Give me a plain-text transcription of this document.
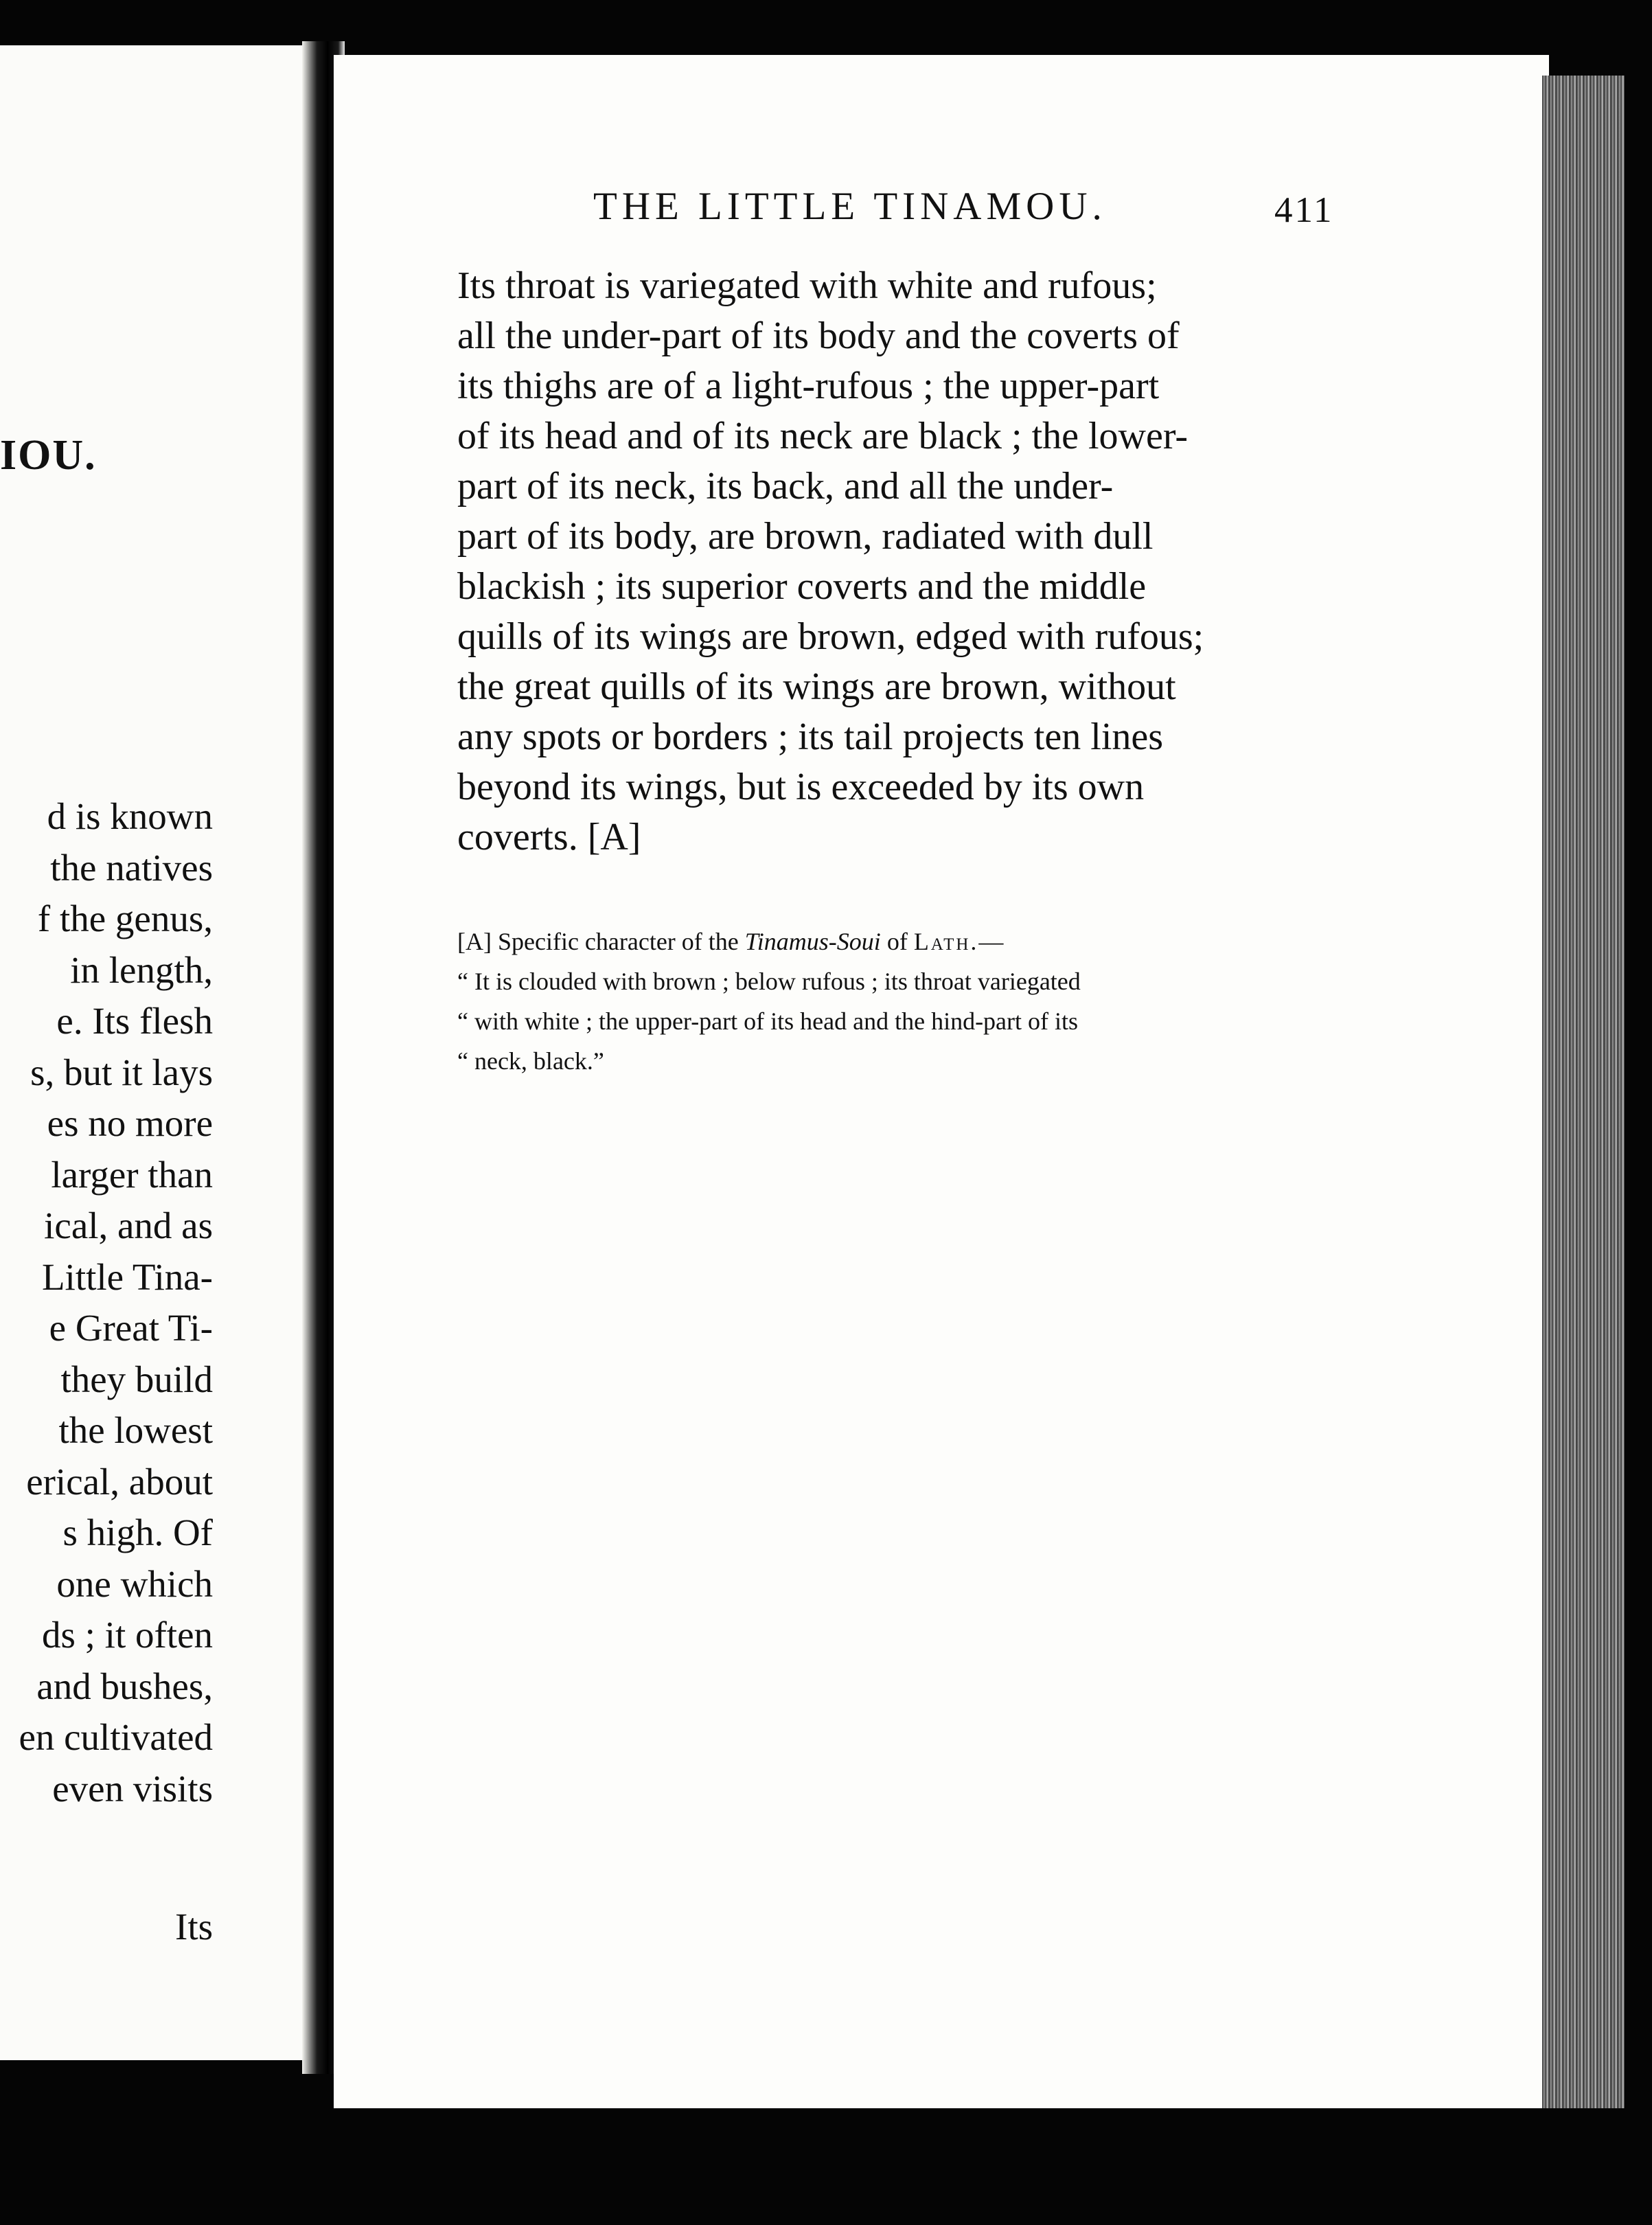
IOU.
d is known
the natives
f the genus,
in length,
e. Its flesh
s, but it lays
es no more
larger than
ical, and as
Little Tina-
e Great Ti-
they build
the lowest
erical, about
s high. Of
one which
ds ; it often
and bushes,
en cultivated
even visits
Its
THE LITTLE TINAMOU.	411
Its throat is variegated with white and rufous;
all the under-part of its body and the coverts of
its thighs are of a light-rufous ; the upper-part
of its head and of its neck are black ; the lower-
part of its neck, its back, and all the under-
part of its body, are brown, radiated with dull
blackish ; its superior coverts and the middle
quills of its wings are brown, edged with rufous;
the great quills of its wings are brown, without
any spots or borders ; its tail projects ten lines
beyond its wings, but is exceeded by its own
coverts. [A]
[A] Specific character of the Tinamus-Soui of Lath.—
“ It is clouded with brown ; below rufous ; its throat variegated
“ with white ; the upper-part of its head and the hind-part of its
“ neck, black.”
